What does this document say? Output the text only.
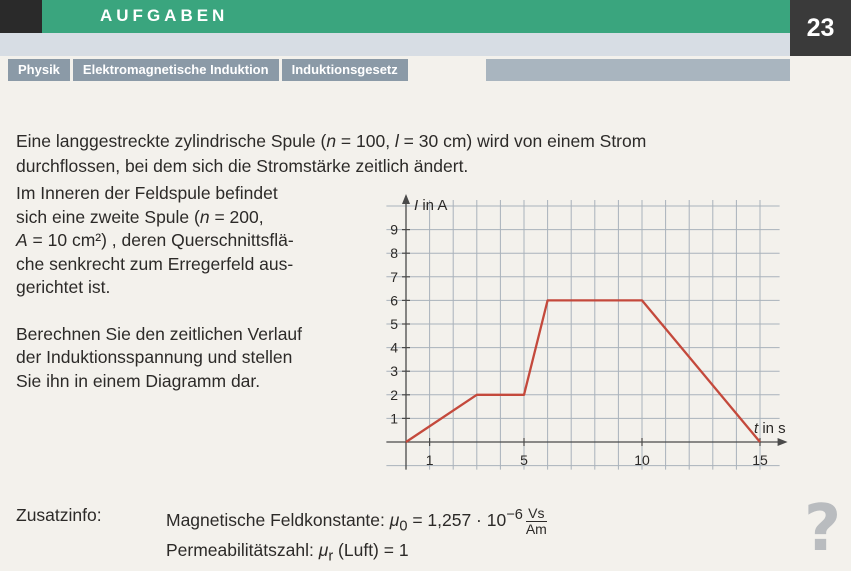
AUFGABEN	23
Physik	Elektromagnetische Induktion	Induktionsgesetz
Eine langgestreckte zylindrische Spule (n = 100, l = 30 cm) wird von einem Strom
durchflossen, bei dem sich die Stromstärke zeitlich ändert.

Im Inneren der Feldspule befindet
sich eine zweite Spule (n = 200,
A = 10 cm²) , deren Querschnittsflä-
che senkrecht zum Erregerfeld aus-
gerichtet ist.

Berechnen Sie den zeitlichen Verlauf
der Induktionsspannung und stellen
Sie ihn in einem Diagramm dar.

1
2
3
4
5
6
7
8
9
1	5	10	15
I in A
t in s
Zusatzinfo:	Magnetische Feldkonstante: $\mu_0 = 1,257 \cdot 10^{-6} \frac{Vs}{Am}$
Permeabilitätszahl: $\mu_r$ (Luft) = 1	?
